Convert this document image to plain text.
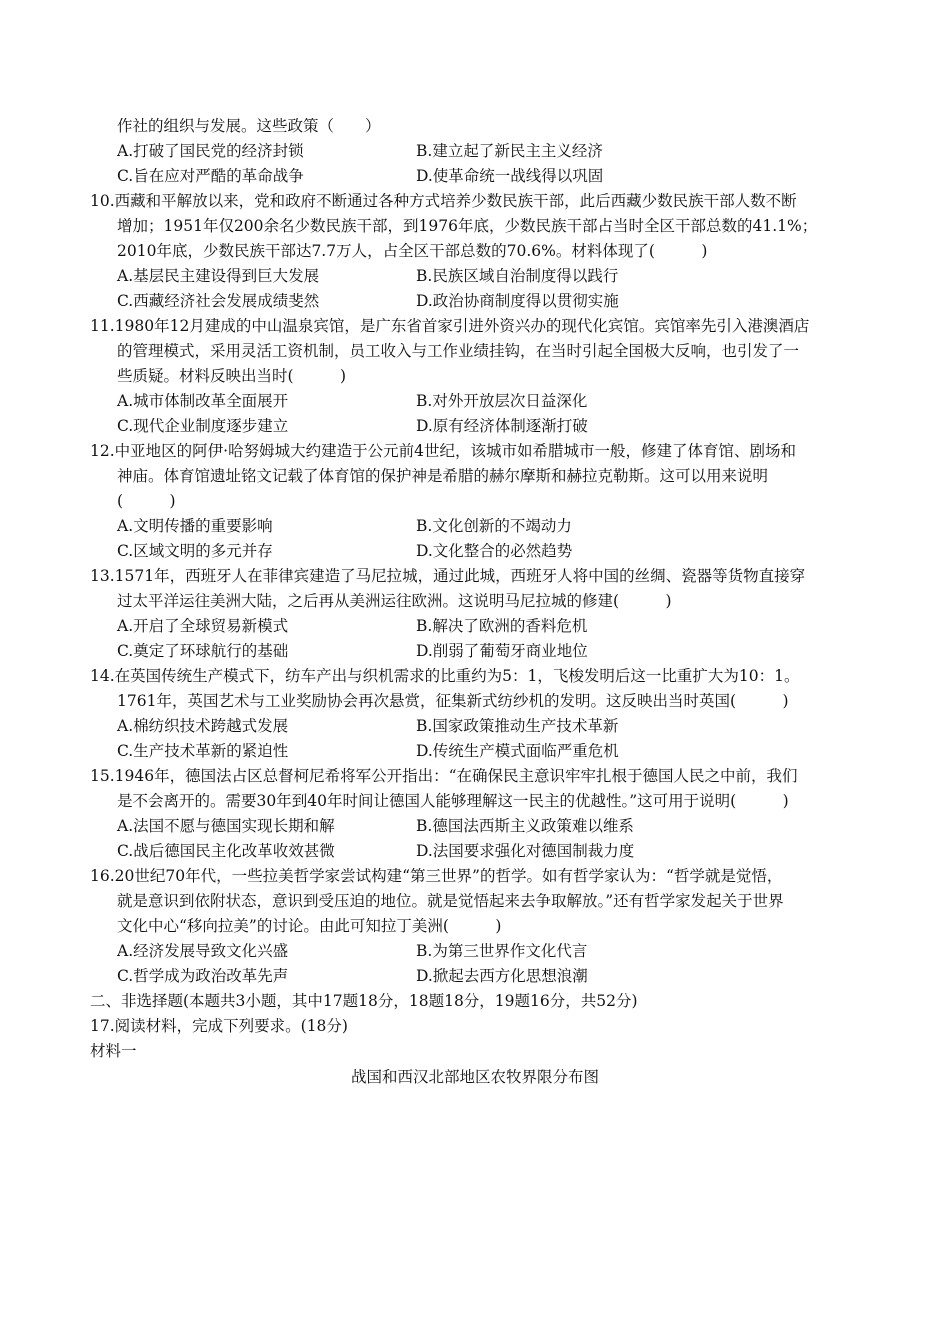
作社的组织与发展。这些政策（　　）
A.打破了国民党的经济封锁	B.建立起了新民主主义经济
C.旨在应对严酷的革命战争	D.使革命统一战线得以巩固
10.西藏和平解放以来，党和政府不断通过各种方式培养少数民族干部，此后西藏少数民族干部人数不断
增加；1951年仅200余名少数民族干部，到1976年底，少数民族干部占当时全区干部总数的41.1%；
2010年底，少数民族干部达7.7万人，占全区干部总数的70.6%。材料体现了(　　　)
A.基层民主建设得到巨大发展	B.民族区域自治制度得以践行
C.西藏经济社会发展成绩斐然	D.政治协商制度得以贯彻实施
11.1980年12月建成的中山温泉宾馆，是广东省首家引进外资兴办的现代化宾馆。宾馆率先引入港澳酒店
的管理模式，采用灵活工资机制，员工收入与工作业绩挂钩，在当时引起全国极大反响，也引发了一
些质疑。材料反映出当时(　　　)
A.城市体制改革全面展开	B.对外开放层次日益深化
C.现代企业制度逐步建立	D.原有经济体制逐渐打破
12.中亚地区的阿伊·哈努姆城大约建造于公元前4世纪，该城市如希腊城市一般，修建了体育馆、剧场和
神庙。体育馆遗址铭文记载了体育馆的保护神是希腊的赫尔摩斯和赫拉克勒斯。这可以用来说明
(　　　)
A.文明传播的重要影响	B.文化创新的不竭动力
C.区域文明的多元并存	D.文化整合的必然趋势
13.1571年，西班牙人在菲律宾建造了马尼拉城，通过此城，西班牙人将中国的丝绸、瓷器等货物直接穿
过太平洋运往美洲大陆，之后再从美洲运往欧洲。这说明马尼拉城的修建(　　　)
A.开启了全球贸易新模式	B.解决了欧洲的香料危机
C.奠定了环球航行的基础	D.削弱了葡萄牙商业地位
14.在英国传统生产模式下，纺车产出与织机需求的比重约为5：1，飞梭发明后这一比重扩大为10：1。
1761年，英国艺术与工业奖励协会再次悬赏，征集新式纺纱机的发明。这反映出当时英国(　　　)
A.棉纺织技术跨越式发展	B.国家政策推动生产技术革新
C.生产技术革新的紧迫性	D.传统生产模式面临严重危机
15.1946年，德国法占区总督柯尼希将军公开指出：“在确保民主意识牢牢扎根于德国人民之中前，我们
是不会离开的。需要30年到40年时间让德国人能够理解这一民主的优越性。”这可用于说明(　　　)
A.法国不愿与德国实现长期和解	B.德国法西斯主义政策难以维系
C.战后德国民主化改革收效甚微	D.法国要求强化对德国制裁力度
16.20世纪70年代，一些拉美哲学家尝试构建“第三世界”的哲学。如有哲学家认为：“哲学就是觉悟，
就是意识到依附状态，意识到受压迫的地位。就是觉悟起来去争取解放。”还有哲学家发起关于世界
文化中心“移向拉美”的讨论。由此可知拉丁美洲(　　　)
A.经济发展导致文化兴盛	B.为第三世界作文化代言
C.哲学成为政治改革先声	D.掀起去西方化思想浪潮
二、非选择题(本题共3小题，其中17题18分，18题18分，19题16分，共52分)
17.阅读材料，完成下列要求。(18分)
材料一
战国和西汉北部地区农牧界限分布图
